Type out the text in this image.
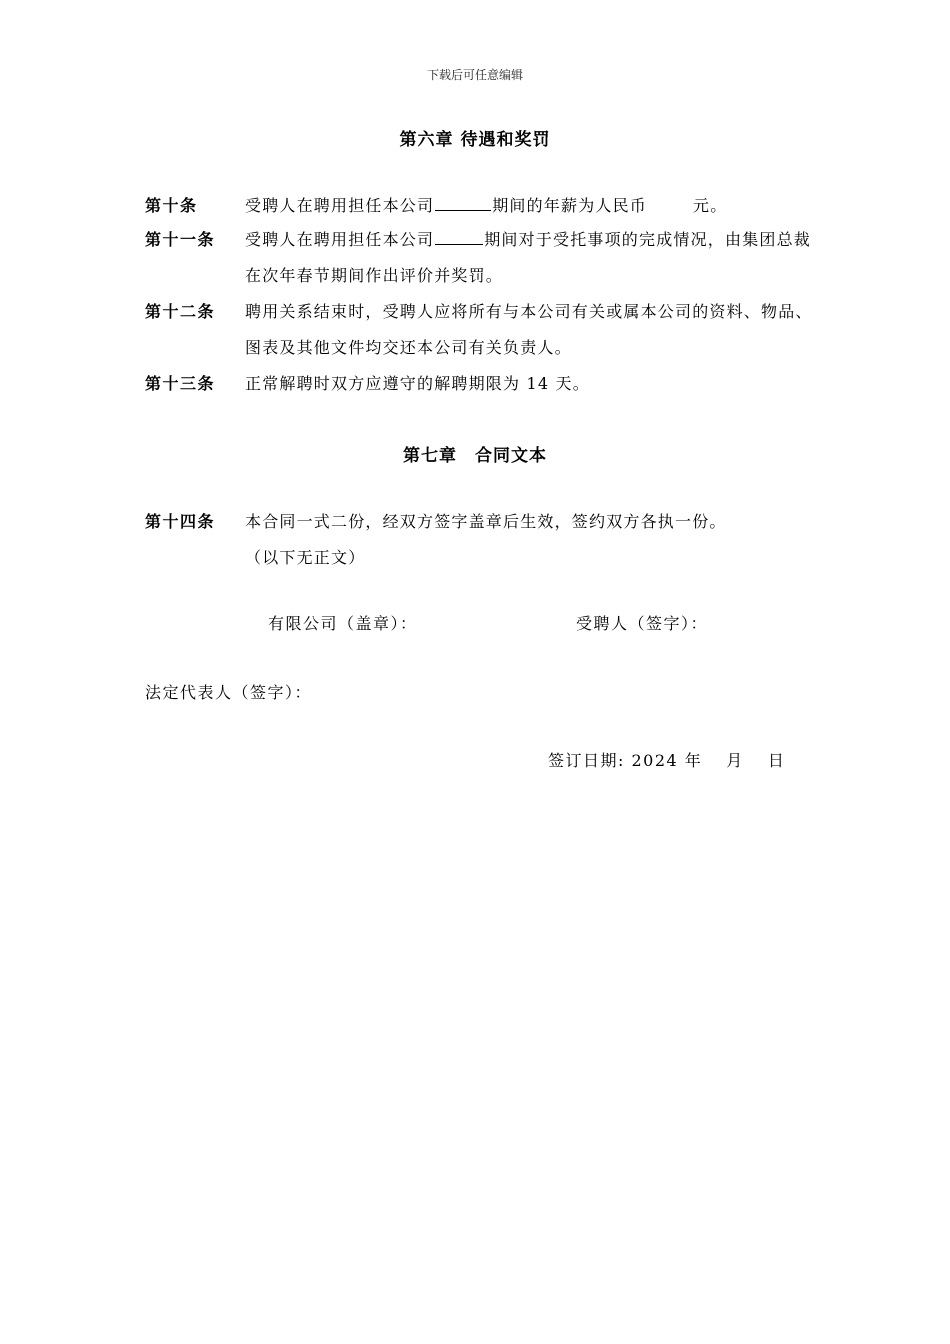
下载后可任意编辑
第六章 待遇和奖罚
第十条	受聘人在聘用担任本公司	期间的年薪为人民币	元。
第十一条 受聘人在聘用担任本公司	期间对于受托事项的完成情况，由集团总裁在次年春节期间作出评价并奖罚。
第十二条 聘用关系结束时，受聘人应将所有与本公司有关或属本公司的资料、物品、图表及其他文件均交还本公司有关负责人。
第十三条 正常解聘时双方应遵守的解聘期限为 14 天。
第七章　合同文本
第十四条 本合同一式二份，经双方签字盖章后生效，签约双方各执一份。
（以下无正文）
有限公司（盖章）：	受聘人（签字）：
法定代表人（签字）：
签订日期: 2024 年 月 日
